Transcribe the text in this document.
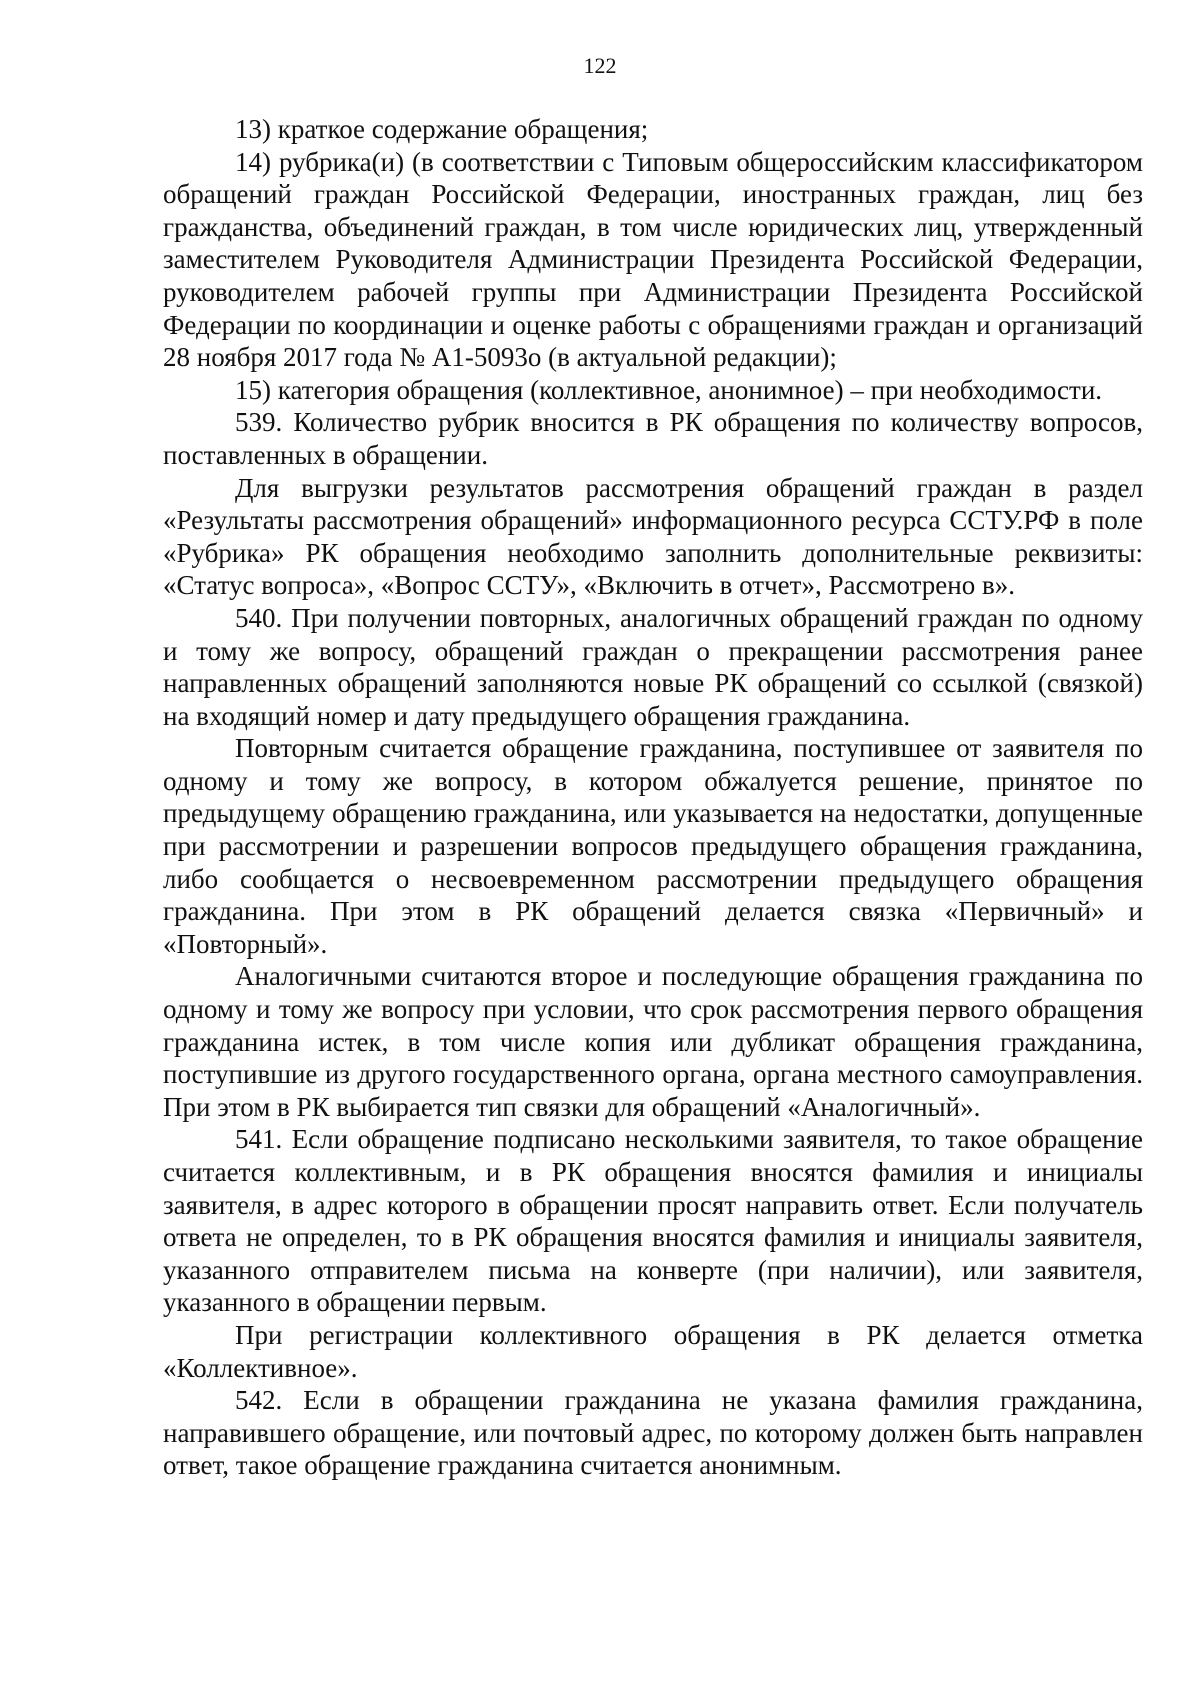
122

13) краткое содержание обращения;

14) рубрика(и) (в соответствии с Типовым общероссийским классификатором обращений граждан Российской Федерации, иностранных граждан, лиц без гражданства, объединений граждан, в том числе юридических лиц, утвержденный заместителем Руководителя Администрации Президента Российской Федерации, руководителем рабочей группы при Администрации Президента Российской Федерации по координации и оценке работы с обращениями граждан и организаций 28 ноября 2017 года № А1-5093о (в актуальной редакции);

15) категория обращения (коллективное, анонимное) – при необходимости.

539. Количество рубрик вносится в РК обращения по количеству вопросов, поставленных в обращении.

Для выгрузки результатов рассмотрения обращений граждан в раздел «Результаты рассмотрения обращений» информационного ресурса ССТУ.РФ в поле «Рубрика» РК обращения необходимо заполнить дополнительные реквизиты: «Статус вопроса», «Вопрос ССТУ», «Включить в отчет», Рассмотрено в».

540. При получении повторных, аналогичных обращений граждан по одному и тому же вопросу, обращений граждан о прекращении рассмотрения ранее направленных обращений заполняются новые РК обращений со ссылкой (связкой) на входящий номер и дату предыдущего обращения гражданина.

Повторным считается обращение гражданина, поступившее от заявителя по одному и тому же вопросу, в котором обжалуется решение, принятое по предыдущему обращению гражданина, или указывается на недостатки, допущенные при рассмотрении и разрешении вопросов предыдущего обращения гражданина, либо сообщается о несвоевременном рассмотрении предыдущего обращения гражданина. При этом в РК обращений делается связка «Первичный» и «Повторный».

Аналогичными считаются второе и последующие обращения гражданина по одному и тому же вопросу при условии, что срок рассмотрения первого обращения гражданина истек, в том числе копия или дубликат обращения гражданина, поступившие из другого государственного органа, органа местного самоуправления. При этом в РК выбирается тип связки для обращений «Аналогичный».

541. Если обращение подписано несколькими заявителя, то такое обращение считается коллективным, и в РК обращения вносятся фамилия и инициалы заявителя, в адрес которого в обращении просят направить ответ. Если получатель ответа не определен, то в РК обращения вносятся фамилия и инициалы заявителя, указанного отправителем письма на конверте (при наличии), или заявителя, указанного в обращении первым.

При регистрации коллективного обращения в РК делается отметка «Коллективное».

542. Если в обращении гражданина не указана фамилия гражданина, направившего обращение, или почтовый адрес, по которому должен быть направлен ответ, такое обращение гражданина считается анонимным.
